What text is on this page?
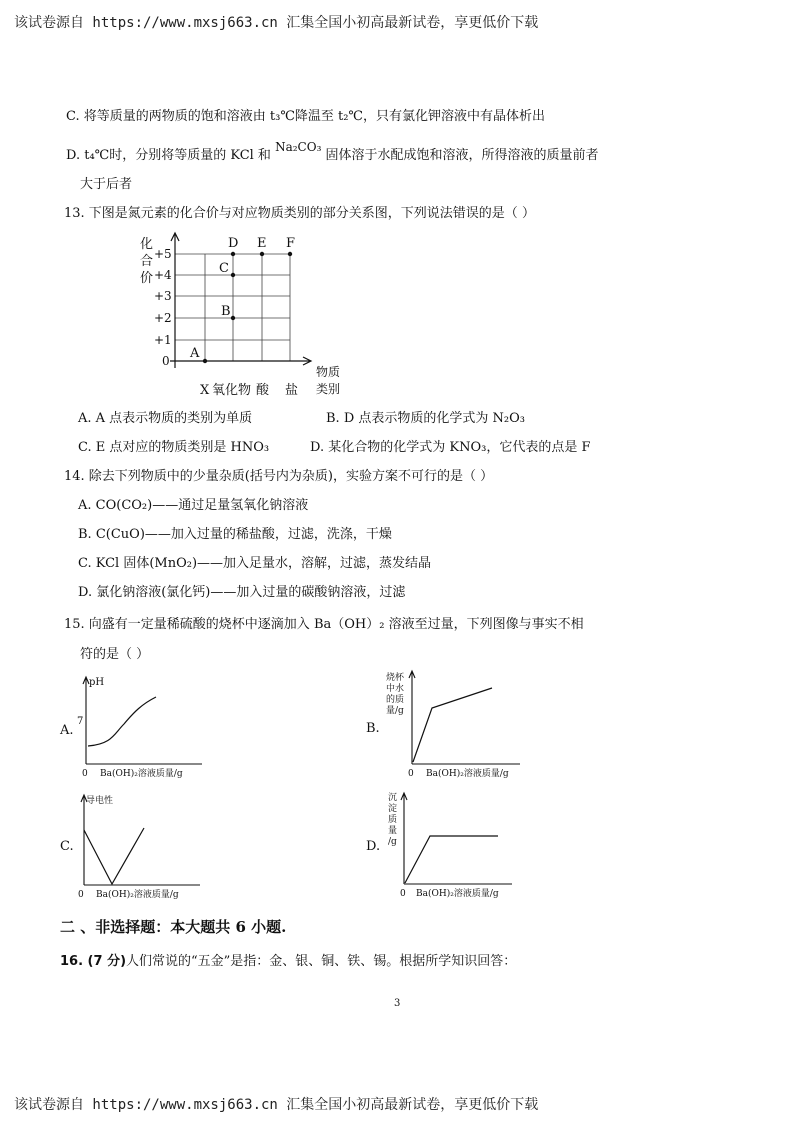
该试卷源自 https://www.mxsj663.cn 汇集全国小初高最新试卷，享更低价下载
C. 将等质量的两物质的饱和溶液由 t₃℃降温至 t₂℃，只有氯化钾溶液中有晶体析出
D. t₄℃时，分别将等质量的 KCl 和 Na₂CO₃ 固体溶于水配成饱和溶液，所得溶液的质量前者
大于后者
13. 下图是氮元素的化合价与对应物质类别的部分关系图，下列说法错误的是（ ）
化
合
价
+5
+4
+3
+2
+1
0
X 氧化物 酸 盐
物质
类别
A
B
C
D E F
A. A 点表示物质的类别为单质	B. D 点表示物质的化学式为 N₂O₃
C. E 点对应的物质类别是 HNO₃	D. 某化合物的化学式为 KNO₃，它代表的点是 F
14. 除去下列物质中的少量杂质(括号内为杂质)，实验方案不可行的是（ ）
A. CO(CO₂)——通过足量氢氧化钠溶液
B. C(CuO)——加入过量的稀盐酸，过滤，洗涤，干燥
C. KCl 固体(MnO₂)——加入足量水，溶解，过滤，蒸发结晶
D. 氯化钠溶液(氯化钙)——加入过量的碳酸钠溶液，过滤
15. 向盛有一定量稀硫酸的烧杯中逐滴加入 Ba（OH）₂ 溶液至过量，下列图像与事实不相
符的是（ ）
A.
pH
7
0 Ba(OH)₂溶液质量/g
B.
烧杯
中水
的质
量/g
0 Ba(OH)₂溶液质量/g
C.
导电性
0 Ba(OH)₂溶液质量/g
D.
沉
淀
质
量
/g
0 Ba(OH)₂溶液质量/g
二 、非选择题：本大题共 6 小题.
16. (7 分)人们常说的“五金”是指：金、银、铜、铁、锡。根据所学知识回答：
3
该试卷源自 https://www.mxsj663.cn 汇集全国小初高最新试卷，享更低价下载
